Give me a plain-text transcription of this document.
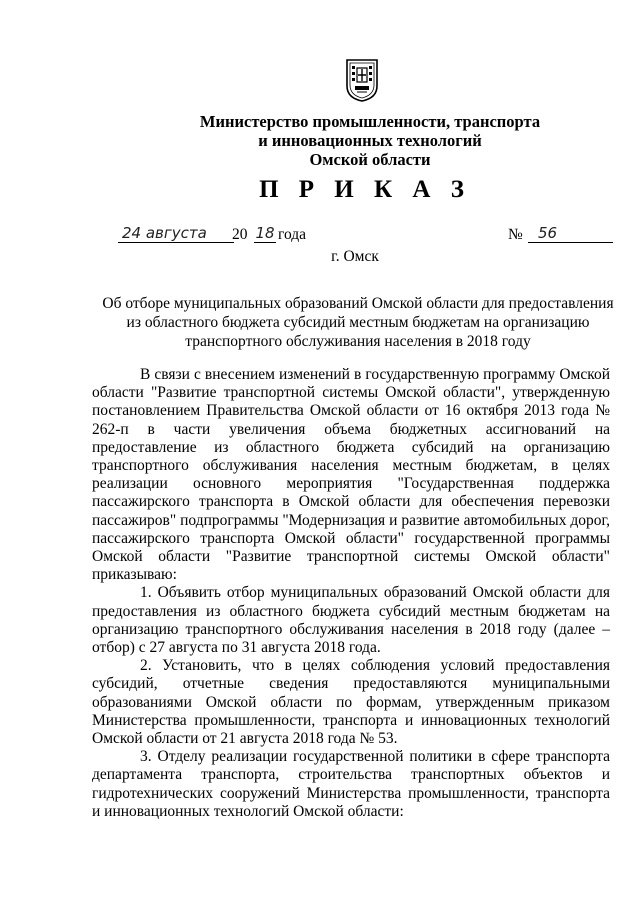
Министерство промышленности, транспорта
и инновационных технологий
Омской области
П Р И К А З
24 августа	20 18 года	№	56
г. Омск
Об отборе муниципальных образований Омской области для предоставления
из областного бюджета субсидий местным бюджетам на организацию
транспортного обслуживания населения в 2018 году

В связи с внесением изменений в государственную программу Омской области "Развитие транспортной системы Омской области", утвержденную постановлением Правительства Омской области от 16 октября 2013 года № 262-п в части увеличения объема бюджетных ассигнований на предоставление из областного бюджета субсидий на организацию транспортного обслуживания населения местным бюджетам, в целях реализации основного мероприятия "Государственная поддержка пассажирского транспорта в Омской области для обеспечения перевозки пассажиров" подпрограммы "Модернизация и развитие автомобильных дорог, пассажирского транспорта Омской области" государственной программы Омской области "Развитие транспортной системы Омской области" приказываю:

1. Объявить отбор муниципальных образований Омской области для предоставления из областного бюджета субсидий местным бюджетам на организацию транспортного обслуживания населения в 2018 году (далее – отбор) с 27 августа по 31 августа 2018 года.

2. Установить, что в целях соблюдения условий предоставления субсидий, отчетные сведения предоставляются муниципальными образованиями Омской области по формам, утвержденным приказом Министерства промышленности, транспорта и инновационных технологий Омской области от 21 августа 2018 года № 53.

3. Отделу реализации государственной политики в сфере транспорта департамента транспорта, строительства транспортных объектов и гидротехнических сооружений Министерства промышленности, транспорта и инновационных технологий Омской области:
